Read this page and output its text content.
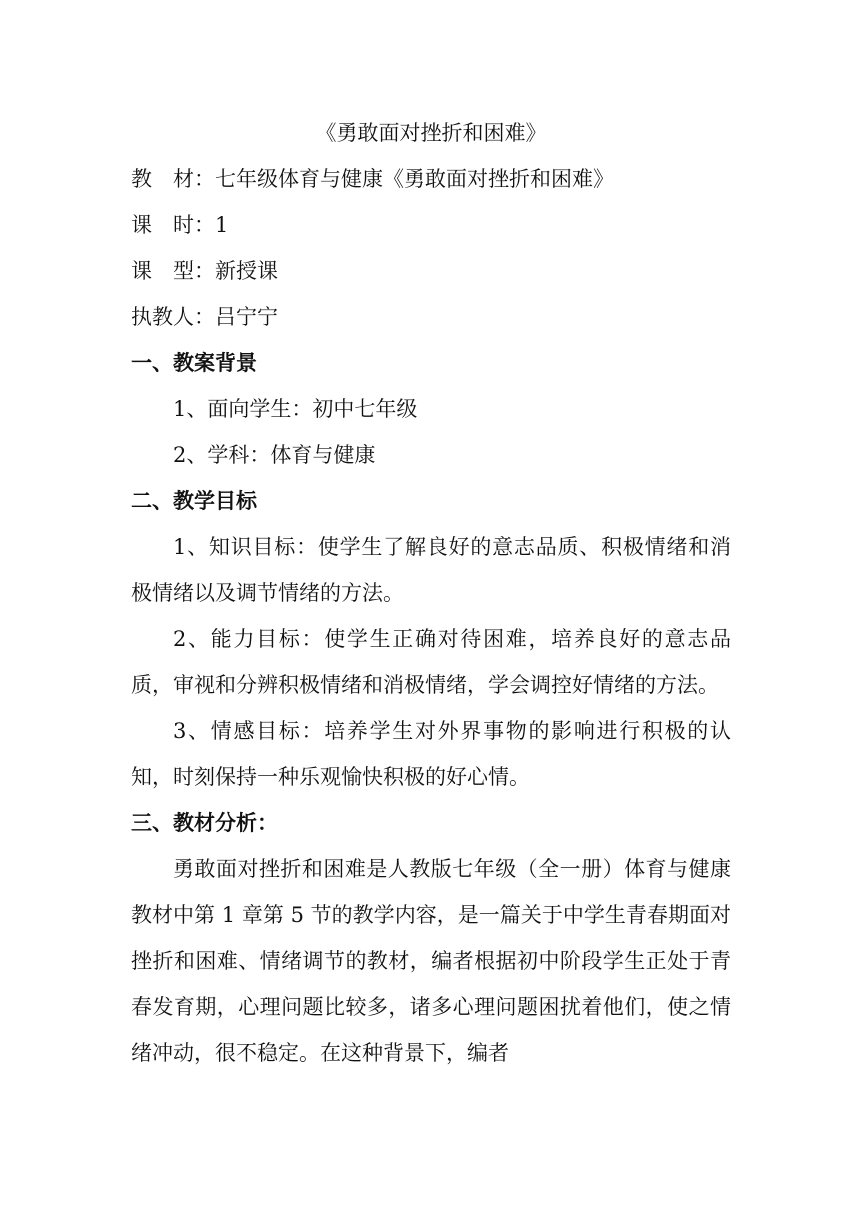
《勇敢面对挫折和困难》

教　材：七年级体育与健康《勇敢面对挫折和困难》

课　时：1

课　型：新授课

执教人：吕宁宁

一、教案背景

1、面向学生：初中七年级

2、学科：体育与健康

二、教学目标

1、知识目标：使学生了解良好的意志品质、积极情绪和消极情绪以及调节情绪的方法。

2、能力目标：使学生正确对待困难，培养良好的意志品质，审视和分辨积极情绪和消极情绪，学会调控好情绪的方法。

3、情感目标：培养学生对外界事物的影响进行积极的认知，时刻保持一种乐观愉快积极的好心情。

三、教材分析：

勇敢面对挫折和困难是人教版七年级（全一册）体育与健康教材中第 1 章第 5 节的教学内容，是一篇关于中学生青春期面对挫折和困难、情绪调节的教材，编者根据初中阶段学生正处于青春发育期，心理问题比较多，诸多心理问题困扰着他们，使之情绪冲动，很不稳定。在这种背景下，编者
